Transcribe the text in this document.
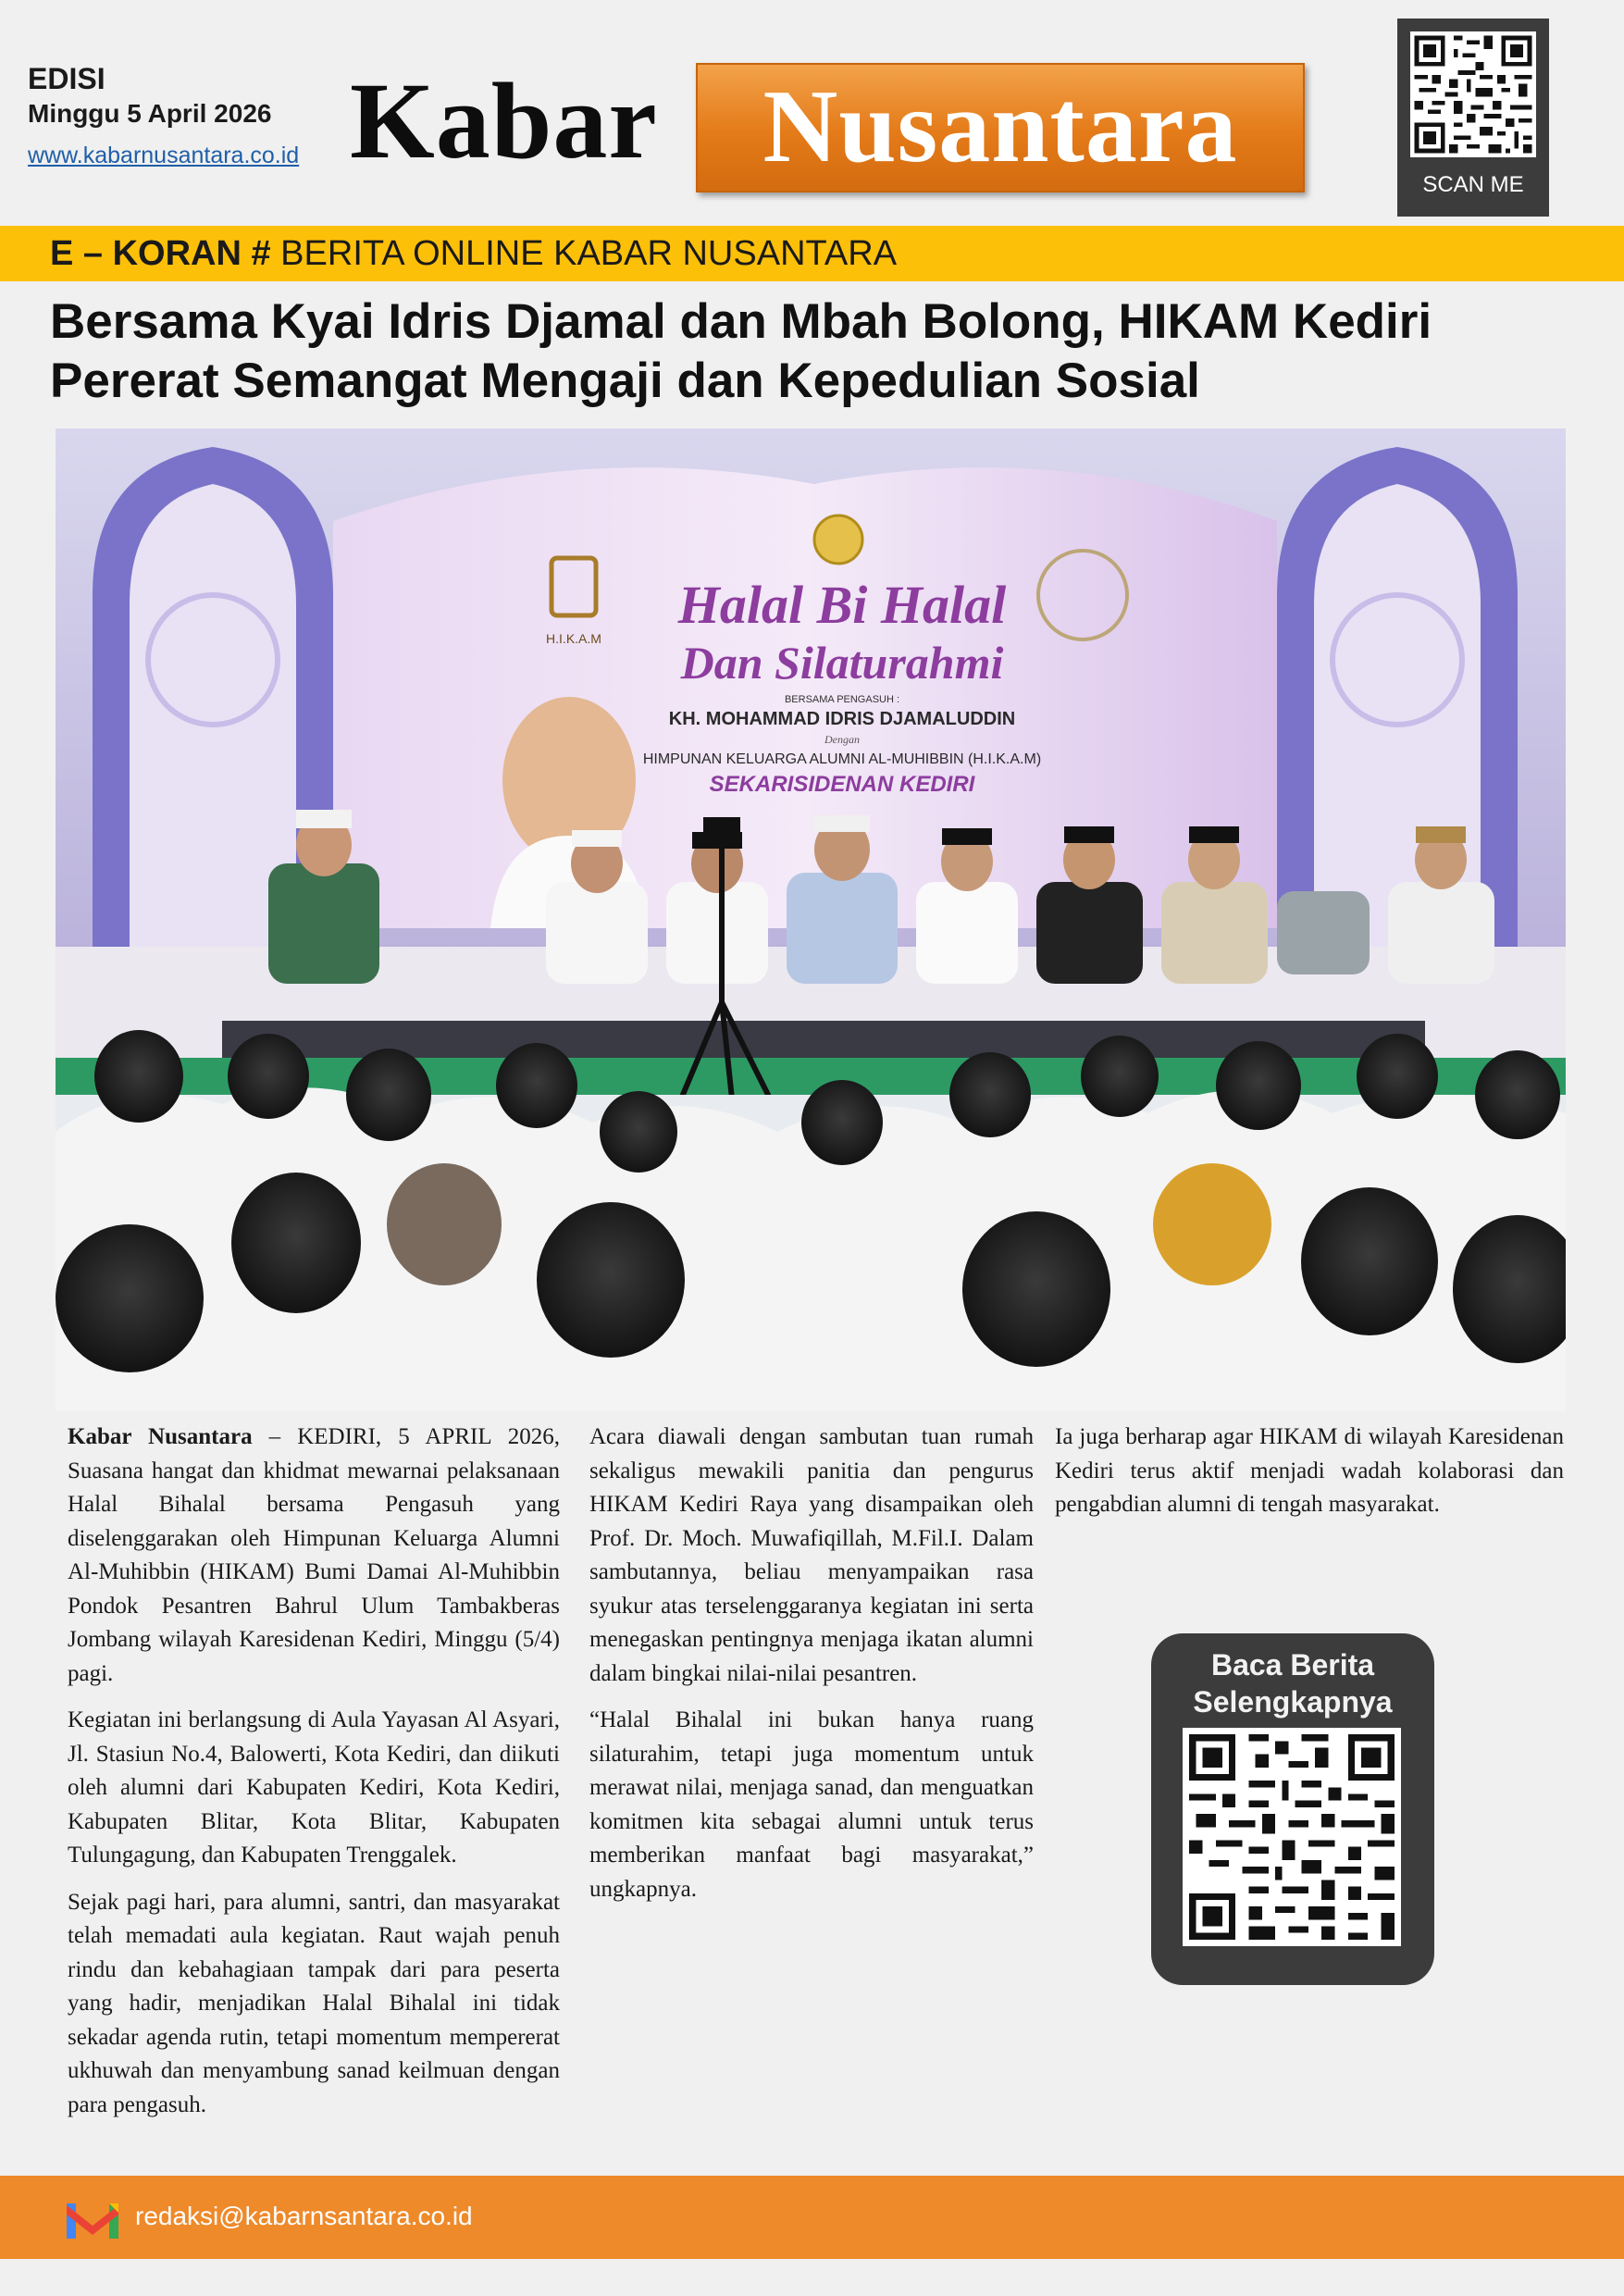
EDISI
Minggu 5 April 2026
www.kabarnusantara.co.id Kabar	Nusantara
SCAN ME
E – KORAN # BERITA ONLINE KABAR NUSANTARA
Bersama Kyai Idris Djamal dan Mbah Bolong, HIKAM Kediri Pererat Semangat Mengaji dan Kepedulian Sosial
H.I.K.A.M
Halal Bi Halal
Dan Silaturahmi
BERSAMA PENGASUH :
KH. MOHAMMAD IDRIS DJAMALUDDIN
Dengan
HIMPUNAN KELUARGA ALUMNI AL-MUHIBBIN (H.I.K.A.M)
SEKARISIDENAN KEDIRI

Kabar Nusantara – KEDIRI, 5 APRIL 2026, Suasana hangat dan khidmat mewarnai pelaksanaan Halal Bihalal bersama Pengasuh yang diselenggarakan oleh Himpunan Keluarga Alumni Al-Muhibbin (HIKAM) Bumi Damai Al-Muhibbin Pondok Pesantren Bahrul Ulum Tambakberas Jombang wilayah Karesidenan Kediri, Minggu (5/4) pagi.

Kegiatan ini berlangsung di Aula Yayasan Al Asyari, Jl. Stasiun No.4, Balowerti, Kota Kediri, dan diikuti oleh alumni dari Kabupaten Kediri, Kota Kediri, Kabupaten Blitar, Kota Blitar, Kabupaten Tulungagung, dan Kabupaten Trenggalek.

Sejak pagi hari, para alumni, santri, dan masyarakat telah memadati aula kegiatan. Raut wajah penuh rindu dan kebahagiaan tampak dari para peserta yang hadir, menjadikan Halal Bihalal ini tidak sekadar agenda rutin, tetapi momentum mempererat ukhuwah dan menyambung sanad keilmuan dengan para pengasuh.

Acara diawali dengan sambutan tuan rumah sekaligus mewakili panitia dan pengurus HIKAM Kediri Raya yang disampaikan oleh Prof. Dr. Moch. Muwafiqillah, M.Fil.I. Dalam sambutannya, beliau menyampaikan rasa syukur atas terselenggaranya kegiatan ini serta menegaskan pentingnya menjaga ikatan alumni dalam bingkai nilai-nilai pesantren.

“Halal Bihalal ini bukan hanya ruang silaturahim, tetapi juga momentum untuk merawat nilai, menjaga sanad, dan menguatkan komitmen kita sebagai alumni untuk terus memberikan manfaat bagi masyarakat,” ungkapnya.

Ia juga berharap agar HIKAM di wilayah Karesidenan Kediri terus aktif menjadi wadah kolaborasi dan pengabdian alumni di tengah masyarakat.

Baca Berita
Selengkapnya
redaksi@kabarnsantara.co.id
